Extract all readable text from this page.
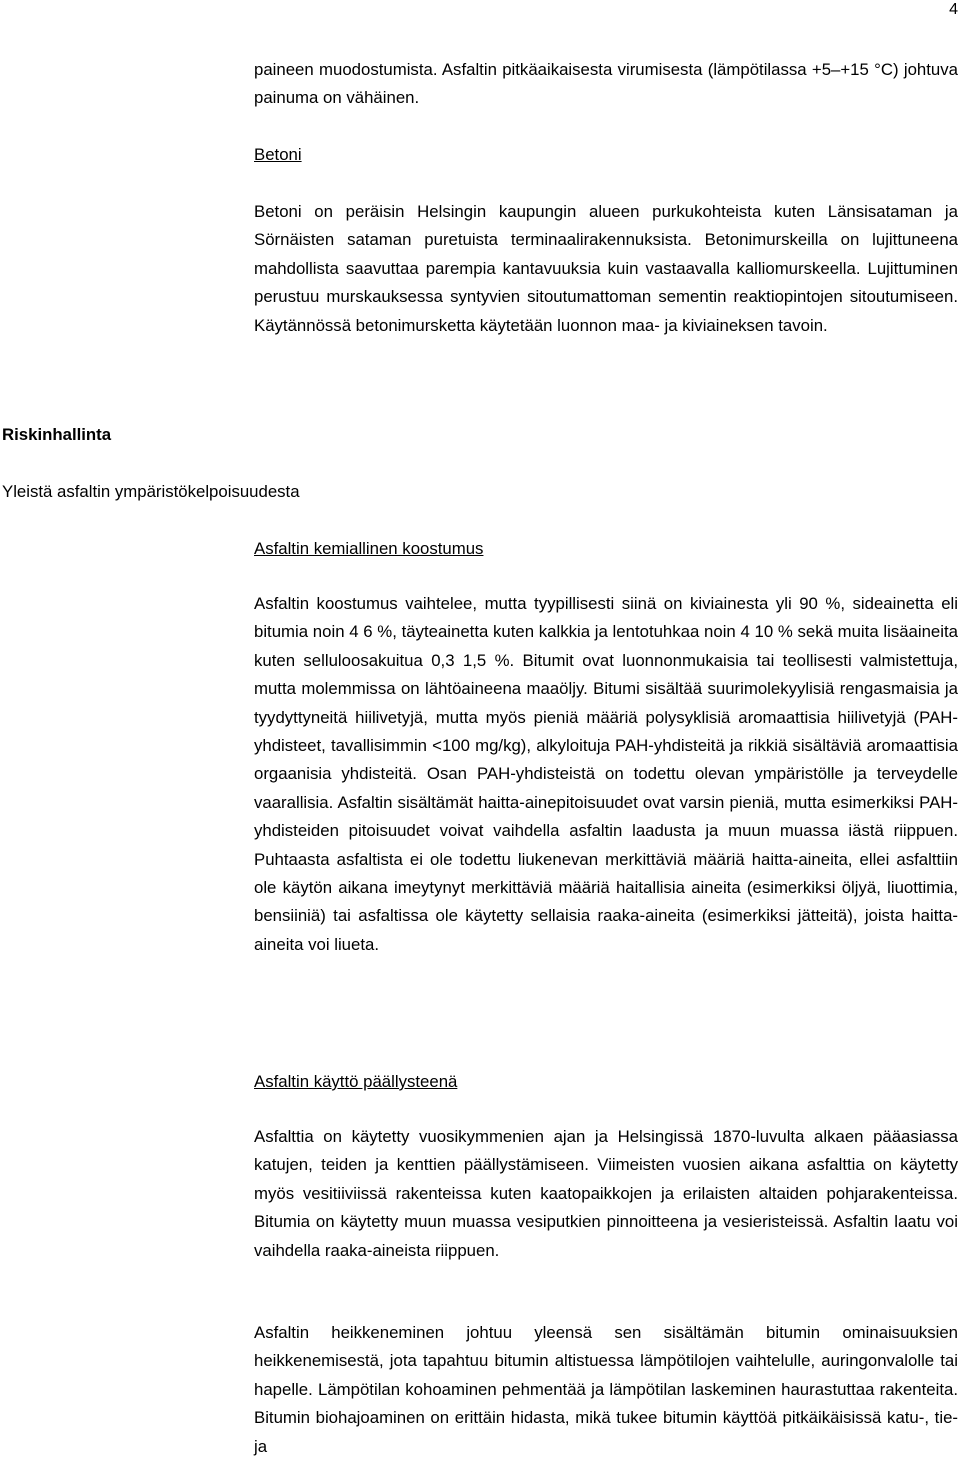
4

paineen muodostumista. Asfaltin pitkäaikaisesta virumisesta (lämpötilassa +5–+15 °C) johtuva painuma on vähäinen.

Betoni

Betoni on peräisin Helsingin kaupungin alueen purkukohteista kuten Länsisataman ja Sörnäisten sataman puretuista terminaalirakennuksista. Betonimurskeilla on lujittuneena mahdollista saavuttaa parempia kantavuuksia kuin vastaavalla kalliomurskeella. Lujittuminen perustuu murskauksessa syntyvien sitoutumattoman sementin reaktiopintojen sitoutumiseen. Käytännössä betonimursketta käytetään luonnon maa- ja kiviaineksen tavoin.

Riskinhallinta
Yleistä asfaltin ympäristökelpoisuudesta
Asfaltin kemiallinen koostumus

Asfaltin koostumus vaihtelee, mutta tyypillisesti siinä on kiviainesta yli 90 %, sideainetta eli bitumia noin 4 6 %, täyteainetta kuten kalkkia ja lentotuhkaa noin 4 10 % sekä muita lisäaineita kuten selluloosakuitua 0,3 1,5 %. Bitumit ovat luonnonmukaisia tai teollisesti valmistettuja, mutta molemmissa on lähtöaineena maaöljy. Bitumi sisältää suurimolekyylisiä rengasmaisia ja tyydyttyneitä hiilivetyjä, mutta myös pieniä määriä polysyklisiä aromaattisia hiilivetyjä (PAH-yhdisteet, tavallisimmin <100 mg/kg), alkyloituja PAH-yhdisteitä ja rikkiä sisältäviä aromaattisia orgaanisia yhdisteitä. Osan PAH-yhdisteistä on todettu olevan ympäristölle ja terveydelle vaarallisia. Asfaltin sisältämät haitta-ainepitoisuudet ovat varsin pieniä, mutta esimerkiksi PAH-yhdisteiden pitoisuudet voivat vaihdella asfaltin laadusta ja muun muassa iästä riippuen. Puhtaasta asfaltista ei ole todettu liukenevan merkittäviä määriä haitta-aineita, ellei asfalttiin ole käytön aikana imeytynyt merkittäviä määriä haitallisia aineita (esimerkiksi öljyä, liuottimia, bensiiniä) tai asfaltissa ole käytetty sellaisia raaka-aineita (esimerkiksi jätteitä), joista haitta-aineita voi liueta.

Asfaltin käyttö päällysteenä

Asfalttia on käytetty vuosikymmenien ajan ja Helsingissä 1870-luvulta alkaen pääasiassa katujen, teiden ja kenttien päällystämiseen. Viimeisten vuosien aikana asfalttia on käytetty myös vesitiiviissä rakenteissa kuten kaatopaikkojen ja erilaisten altaiden pohjarakenteissa. Bitumia on käytetty muun muassa vesiputkien pinnoitteena ja vesieristeissä. Asfaltin laatu voi vaihdella raaka-aineista riippuen.

Asfaltin heikkeneminen johtuu yleensä sen sisältämän bitumin ominaisuuksien heikkenemisestä, jota tapahtuu bitumin altistuessa lämpötilojen vaihtelulle, auringonvalolle tai hapelle. Lämpötilan kohoaminen pehmentää ja lämpötilan laskeminen haurastuttaa rakenteita. Bitumin biohajoaminen on erittäin hidasta, mikä tukee bitumin käyttöä pitkäikäisissä katu-, tie- ja
